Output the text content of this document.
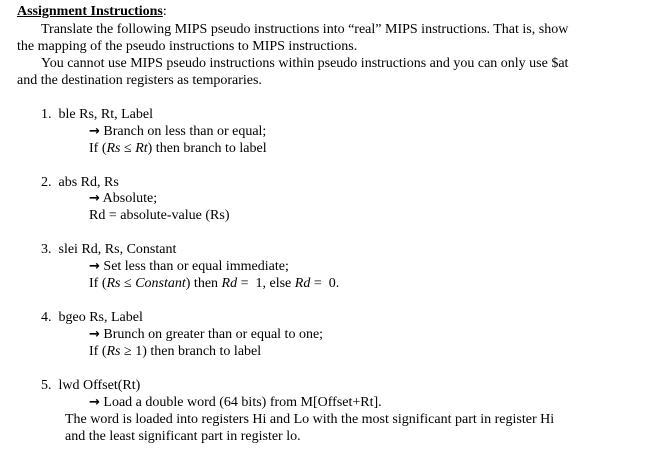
Assignment Instructions:
Translate the following MIPS pseudo instructions into “real” MIPS instructions. That is, show
the mapping of the pseudo instructions to MIPS instructions.
You cannot use MIPS pseudo instructions within pseudo instructions and you can only use $at
and the destination registers as temporaries.
1. ble Rs, Rt, Label
→ Branch on less than or equal;
If (Rs ≤ Rt) then branch to label
2. abs Rd, Rs
→ Absolute;
Rd = absolute-value (Rs)
3. slei Rd, Rs, Constant
→ Set less than or equal immediate;
If (Rs ≤ Constant) then Rd =  1, else Rd =  0.
4. bgeo Rs, Label
→ Brunch on greater than or equal to one;
If (Rs ≥ 1) then branch to label
5. lwd Offset(Rt)
→ Load a double word (64 bits) from M[Offset+Rt].
The word is loaded into registers Hi and Lo with the most significant part in register Hi
and the least significant part in register lo.
